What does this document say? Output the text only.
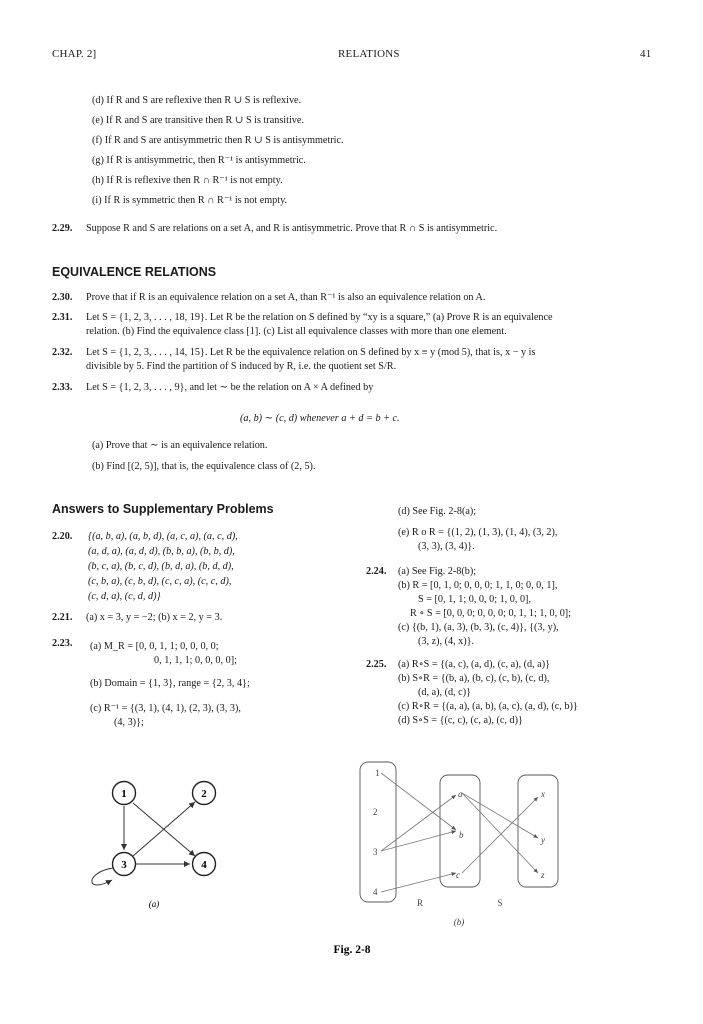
CHAP. 2]	RELATIONS	41
(d) If R and S are reflexive then R ∪ S is reflexive.
(e) If R and S are transitive then R ∪ S is transitive.
(f) If R and S are antisymmetric then R ∪ S is antisymmetric.
(g) If R is antisymmetric, then R⁻¹ is antisymmetric.
(h) If R is reflexive then R ∩ R⁻¹ is not empty.
(i) If R is symmetric then R ∩ R⁻¹ is not empty.
2.29. Suppose R and S are relations on a set A, and R is antisymmetric. Prove that R ∩ S is antisymmetric.
EQUIVALENCE RELATIONS
2.30. Prove that if R is an equivalence relation on a set A, than R⁻¹ is also an equivalence relation on A.
2.31. Let S = {1, 2, 3, . . . , 18, 19}. Let R be the relation on S defined by “xy is a square,” (a) Prove R is an equivalence
relation. (b) Find the equivalence class [1]. (c) List all equivalence classes with more than one element.
2.32. Let S = {1, 2, 3, . . . , 14, 15}. Let R be the equivalence relation on S defined by x ≡ y (mod 5), that is, x − y is
divisible by 5. Find the partition of S induced by R, i.e. the quotient set S/R.
2.33. Let S = {1, 2, 3, . . . , 9}, and let ∼ be the relation on A × A defined by
(a, b) ∼ (c, d) whenever a + d = b + c.
(a) Prove that ∼ is an equivalence relation.
(b) Find [(2, 5)], that is, the equivalence class of (2, 5).
Answers to Supplementary Problems
2.20. {(a, b, a), (a, b, d), (a, c, a), (a, c, d),
(a, d, a), (a, d, d), (b, b, a), (b, b, d),
(b, c, a), (b, c, d), (b, d, a), (b, d, d),
(c, b, a), (c, b, d), (c, c, a), (c, c, d),
(c, d, a), (c, d, d)}
2.21. (a) x = 3, y = −2; (b) x = 2, y = 3.
2.23. (a) M_R = [0, 0, 1, 1; 0, 0, 0, 0;
0, 1, 1, 1; 0, 0, 0, 0];
(b) Domain = {1, 3}, range = {2, 3, 4};
(c) R⁻¹ = {(3, 1), (4, 1), (2, 3), (3, 3),
(4, 3)};
(d) See Fig. 2-8(a);
(e) R o R = {(1, 2), (1, 3), (1, 4), (3, 2),
(3, 3), (3, 4)}.
2.24. (a) See Fig. 2-8(b);
(b) R = [0, 1, 0; 0, 0, 0; 1, 1, 0; 0, 0, 1],
S = [0, 1, 1; 0, 0, 0; 1, 0, 0],
R ∘ S = [0, 0, 0; 0, 0, 0; 0, 1, 1; 1, 0, 0];
(c) {(b, 1), (a, 3), (b, 3), (c, 4)}, {(3, y),
(3, z), (4, x)}.
2.25. (a) R∘S = {(a, c), (a, d), (c, a), (d, a)}
(b) S∘R = {(b, a), (b, c), (c, b), (c, d),
(d, a), (d, c)}
(c) R∘R = {(a, a), (a, b), (a, c), (a, d), (c, b)}
(d) S∘S = {(c, c), (c, a), (c, d)}
1	2
3	4
(a)
1
2
3
4
a
b
c
x
y
z
R	S
(b)
Fig. 2-8
